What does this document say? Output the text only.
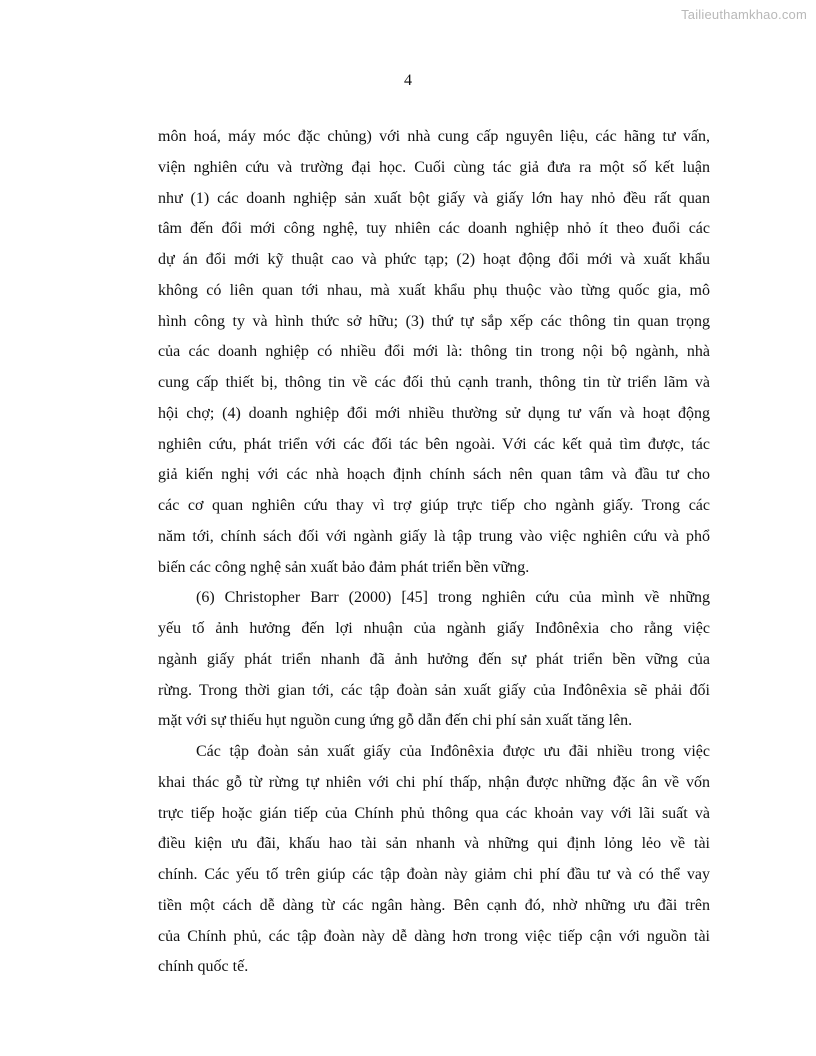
Tailieuthamkhao.com
4
môn hoá, máy móc đặc chủng) với nhà cung cấp nguyên liệu, các hãng tư vấn,
viện nghiên cứu và trường đại học. Cuối cùng tác giả đưa ra một số kết luận
như (1) các doanh nghiệp sản xuất bột giấy và giấy lớn hay nhỏ đều rất quan
tâm đến đổi mới công nghệ, tuy nhiên các doanh nghiệp nhỏ ít theo đuổi các
dự án đổi mới kỹ thuật cao và phức tạp; (2) hoạt động đổi mới và xuất khẩu
không có liên quan tới nhau, mà xuất khẩu phụ thuộc vào từng quốc gia, mô
hình công ty và hình thức sở hữu; (3) thứ tự sắp xếp các thông tin quan trọng
của các doanh nghiệp có nhiều đổi mới là: thông tin trong nội bộ ngành, nhà
cung cấp thiết bị, thông tin về các đối thủ cạnh tranh, thông tin từ triển lãm và
hội chợ; (4) doanh nghiệp đổi mới nhiều thường sử dụng tư vấn và hoạt động
nghiên cứu, phát triển với các đối tác bên ngoài. Với các kết quả tìm được, tác
giả kiến nghị với các nhà hoạch định chính sách nên quan tâm và đầu tư cho
các cơ quan nghiên cứu thay vì trợ giúp trực tiếp cho ngành giấy. Trong các
năm tới, chính sách đối với ngành giấy là tập trung vào việc nghiên cứu và phổ
biến các công nghệ sản xuất bảo đảm phát triển bền vững.
(6) Christopher Barr (2000) [45] trong nghiên cứu của mình về những
yếu tố ảnh hưởng đến lợi nhuận của ngành giấy Inđônêxia cho rằng việc
ngành giấy phát triển nhanh đã ảnh hưởng đến sự phát triển bền vững của
rừng. Trong thời gian tới, các tập đoàn sản xuất giấy của Inđônêxia sẽ phải đối
mặt với sự thiếu hụt nguồn cung ứng gỗ dẫn đến chi phí sản xuất tăng lên.
Các tập đoàn sản xuất giấy của Inđônêxia được ưu đãi nhiều trong việc
khai thác gỗ từ rừng tự nhiên với chi phí thấp, nhận được những đặc ân về vốn
trực tiếp hoặc gián tiếp của Chính phủ thông qua các khoản vay với lãi suất và
điều kiện ưu đãi, khấu hao tài sản nhanh và những qui định lỏng lẻo về tài
chính. Các yếu tố trên giúp các tập đoàn này giảm chi phí đầu tư và có thể vay
tiền một cách dễ dàng từ các ngân hàng. Bên cạnh đó, nhờ những ưu đãi trên
của Chính phủ, các tập đoàn này dễ dàng hơn trong việc tiếp cận với nguồn tài
chính quốc tế.
